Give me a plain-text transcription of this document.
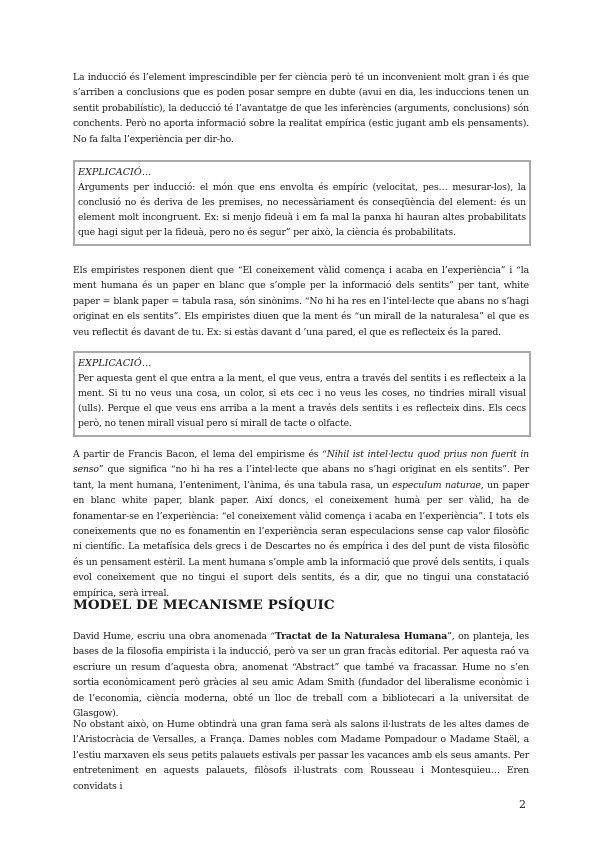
La inducció és l’element imprescindible per fer ciència però té un inconvenient molt gran i és que s’arriben a conclusions que es poden posar sempre en dubte (avui en dia, les induccions tenen un sentit probabilístic), la deducció té l’avantatge de que les inferències (arguments, conclusions) són conchents. Però no aporta informació sobre la realitat empírica (estic jugant amb els pensaments). No fa falta l’experiència per dir-ho.

EXPLICACIÓ…

Arguments per inducció: el món que ens envolta és empíric (velocitat, pes… mesurar-los), la conclusió no és deriva de les premises, no necessàriament és conseqüència del element: és un element molt incongruent. Ex: si menjo fideuà i em fa mal la panxa hi hauran altes probabilitats que hagi sigut per la fideuà, pero no és segur” per això, la ciència és probabilitats.

Els empiristes responen dient que “El coneixement vàlid comença i acaba en l’experiència” i “la ment humana és un paper en blanc que s’omple per la informació dels sentits” per tant, white paper = blank paper = tabula rasa, són sinònims. “No hi ha res en l’intel·lecte que abans no s’hagi originat en els sentits”. Els empiristes diuen que la ment és “un mirall de la naturalesa” el que es veu reflectit és davant de tu. Ex: si estàs davant d ’una pared, el que es reflecteix és la pared.

EXPLICACIÓ…

Per aquesta gent el que entra a la ment, el que veus, entra a través del sentits i es reflecteix a la ment. Si tu no veus una cosa, un color, si ets cec i no veus les coses, no tindries mirall visual (ulls). Perque el que veus ens arriba a la ment a través dels sentits i es reflecteix dins. Els cecs però, no tenen mirall visual pero sí mirall de tacte o olfacte.

A partir de Francis Bacon, el lema del empirisme és “Nihil ist intel·lectu quod prius non fuerit in senso” que significa “no hi ha res a l’intel·lecte que abans no s’hagi originat en els sentits”. Per tant, la ment humana, l’enteniment, l’ànima, és una tabula rasa, un especulum naturae, un paper en blanc white paper, blank paper. Així doncs, el coneixement humà per ser vàlid, ha de fonamentar-se en l’experiència: “el coneixement vàlid comença i acaba en l’experiència”. I tots els coneixements que no es fonamentin en l’experiència seran especulacions sense cap valor filosòfic ni científic. La metafísica dels grecs i de Descartes no és empírica i des del punt de vista filosòfic és un pensament estèril. La ment humana s’omple amb la informació que prové dels sentits, i quals evol coneixement que no tingui el suport dels sentits, és a dir, que no tingui una constatació empírica, serà irreal.

MODEL DE MECANISME PSÍQUIC

David Hume, escriu una obra anomenada “Tractat de la Naturalesa Humana”, on planteja, les bases de la filosofia empirista i la inducció, però va ser un gran fracàs editorial. Per aquesta raó va escriure un resum d’aquesta obra, anomenat “Abstract” que també va fracassar. Hume no s’en sortia econòmicament però gràcies al seu amic Adam Smith (fundador del liberalisme econòmic i de l’economia, ciència moderna, obté un lloc de treball com a bibliotecari a la universitat de Glasgow).

No obstant això, on Hume obtindrà una gran fama serà als salons il·lustrats de les altes dames de l’Aristocràcia de Versalles, a França. Dames nobles com Madame Pompadour o Madame Staël, a l’estiu marxaven els seus petits palauets estivals per passar les vacances amb els seus amants. Per entreteniment en aquests palauets, filòsofs il·lustrats com Rousseau i Montesquieu… Eren convidats i

2
